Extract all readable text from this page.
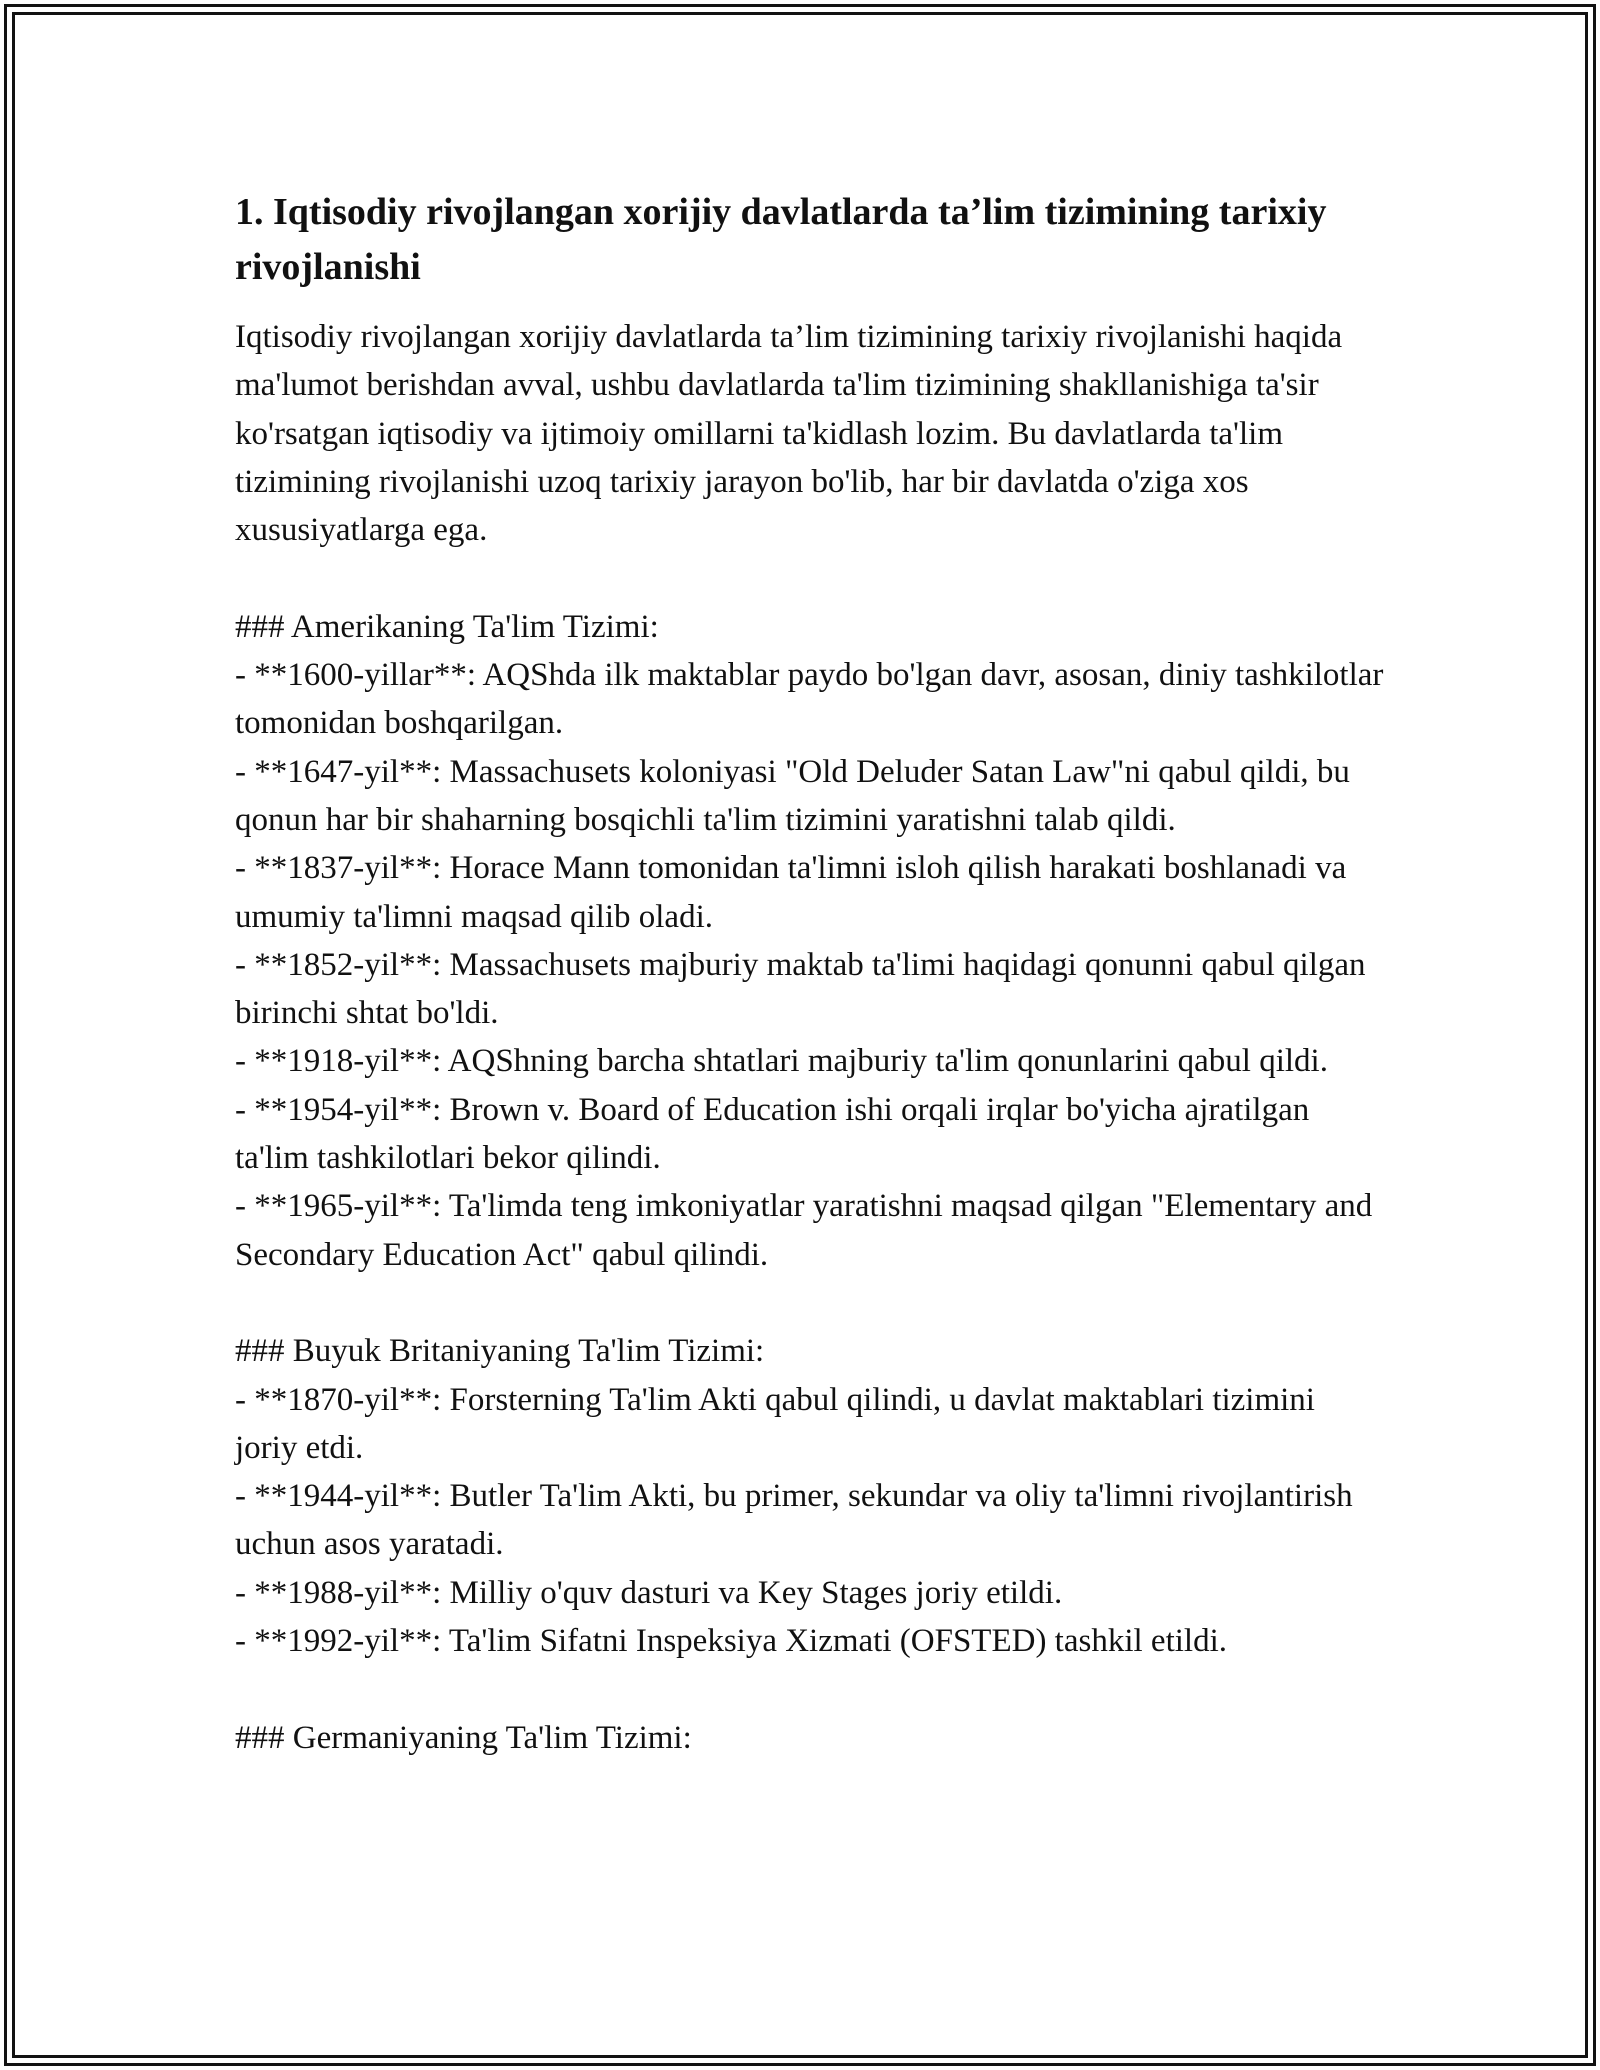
1. Iqtisodiy rivojlangan xorijiy davlatlarda ta’lim tizimining tarixiy rivojlanishi

Iqtisodiy rivojlangan xorijiy davlatlarda ta’lim tizimining tarixiy rivojlanishi haqida ma'lumot berishdan avval, ushbu davlatlarda ta'lim tizimining shakllanishiga ta'sir ko'rsatgan iqtisodiy va ijtimoiy omillarni ta'kidlash lozim. Bu davlatlarda ta'lim tizimining rivojlanishi uzoq tarixiy jarayon bo'lib, har bir davlatda o'ziga xos xususiyatlarga ega.

### Amerikaning Ta'lim Tizimi:

- **1600-yillar**: AQShda ilk maktablar paydo bo'lgan davr, asosan, diniy tashkilotlar tomonidan boshqarilgan.

- **1647-yil**: Massachusets koloniyasi "Old Deluder Satan Law"ni qabul qildi, bu qonun har bir shaharning bosqichli ta'lim tizimini yaratishni talab qildi.

- **1837-yil**: Horace Mann tomonidan ta'limni isloh qilish harakati boshlanadi va umumiy ta'limni maqsad qilib oladi.

- **1852-yil**: Massachusets majburiy maktab ta'limi haqidagi qonunni qabul qilgan birinchi shtat bo'ldi.

- **1918-yil**: AQShning barcha shtatlari majburiy ta'lim qonunlarini qabul qildi.

- **1954-yil**: Brown v. Board of Education ishi orqali irqlar bo'yicha ajratilgan ta'lim tashkilotlari bekor qilindi.

- **1965-yil**: Ta'limda teng imkoniyatlar yaratishni maqsad qilgan "Elementary and Secondary Education Act" qabul qilindi.

### Buyuk Britaniyaning Ta'lim Tizimi:

- **1870-yil**: Forsterning Ta'lim Akti qabul qilindi, u davlat maktablari tizimini joriy etdi.

- **1944-yil**: Butler Ta'lim Akti, bu primer, sekundar va oliy ta'limni rivojlantirish uchun asos yaratadi.

- **1988-yil**: Milliy o'quv dasturi va Key Stages joriy etildi.

- **1992-yil**: Ta'lim Sifatni Inspeksiya Xizmati (OFSTED) tashkil etildi.

### Germaniyaning Ta'lim Tizimi:
